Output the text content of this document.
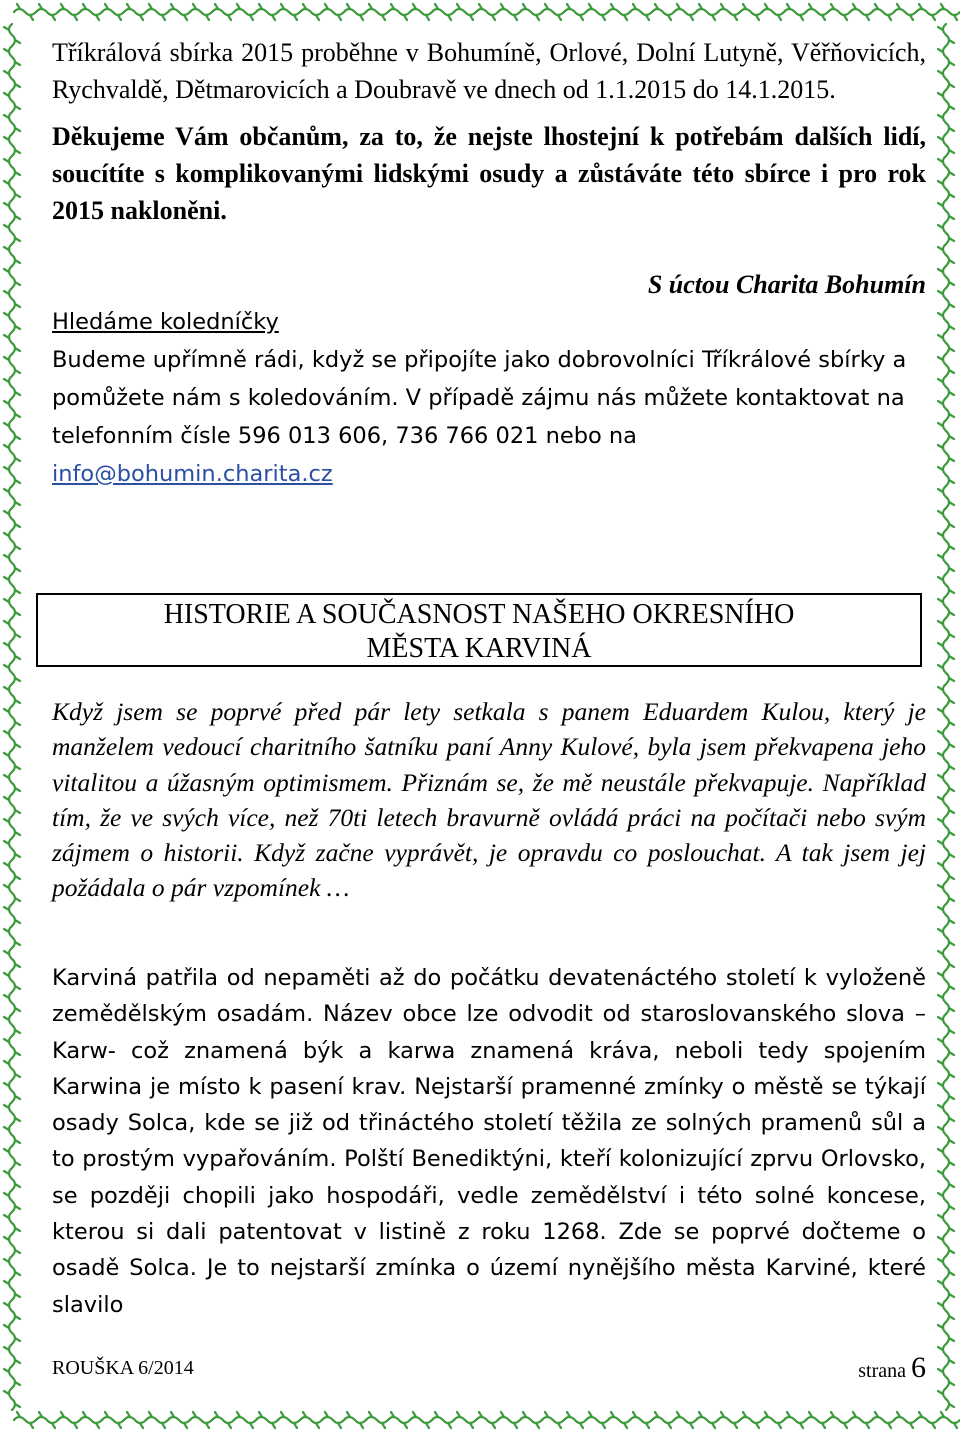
Tříkrálová sbírka 2015 proběhne v Bohumíně, Orlové, Dolní Lutyně, Věřňovicích, Rychvaldě, Dětmarovicích a Doubravě ve dnech od 1.1.2015 do 14.1.2015.

Děkujeme Vám občanům, za to, že nejste lhostejní k potřebám dalších lidí, soucítíte s komplikovanými lidskými osudy a zůstáváte této sbírce i pro rok 2015 nakloněni.

S úctou Charita Bohumín

Hledáme koledníčky

Budeme upřímně rádi, když se připojíte jako dobrovolníci Tříkrálové sbírky a pomůžete nám s koledováním. V případě zájmu nás můžete kontaktovat na telefonním čísle 596 013 606, 736 766 021 nebo na
info@bohumin.charita.cz

HISTORIE A SOUČASNOST NAŠEHO OKRESNÍHO
MĚSTA KARVINÁ

Když jsem se poprvé před pár lety setkala s panem Eduardem Kulou, který je manželem vedoucí charitního šatníku paní Anny Kulové, byla jsem překvapena jeho vitalitou a úžasným optimismem. Přiznám se, že mě neustále překvapuje. Například tím, že ve svých více, než 70ti letech bravurně ovládá práci na počítači nebo svým zájmem o historii. Když začne vyprávět, je opravdu co poslouchat. A tak jsem jej požádala o pár vzpomínek …

Karviná patřila od nepaměti až do počátku devatenáctého století k vyloženě zemědělským osadám. Název obce lze odvodit od staroslovanského slova – Karw- což znamená býk a karwa znamená kráva, neboli tedy spojením Karwina je místo k pasení krav. Nejstarší pramenné zmínky o městě se týkají osady Solca, kde se již od třináctého století těžila ze solných pramenů sůl a to prostým vypařováním. Polští Benediktýni, kteří kolonizující zprvu Orlovsko, se později chopili jako hospodáři, vedle zemědělství i této solné koncese, kterou si dali patentovat v listině z roku 1268. Zde se poprvé dočteme o osadě Solca. Je to nejstarší zmínka o území nynějšího města Karviné, které slavilo

ROUŠKA 6/2014	strana 6
